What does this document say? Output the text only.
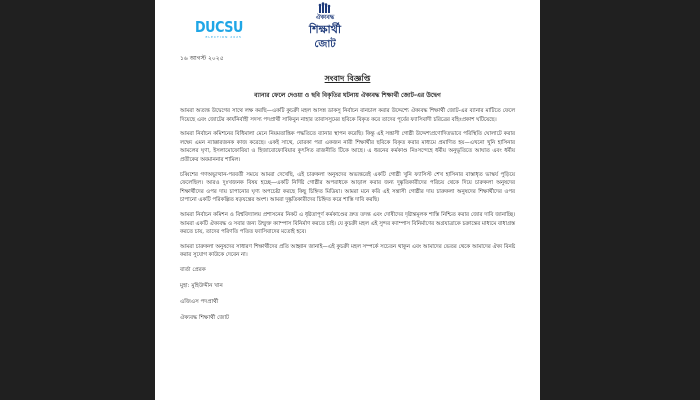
DUCSU
ELECTION 2025
ঐক্যবদ্ধ
শিক্ষার্থী
জোট
১৬ আগস্ট ২০২৫
সংবাদ বিজ্ঞপ্তি
ব্যানার ফেলে দেওয়া ও ছবি বিকৃতির ঘটনায় ঐক্যবদ্ধ শিক্ষার্থী জোট-এর উদ্বেগ

আমরা অত্যন্ত উদ্বেগের সাথে লক্ষ করছি—একটি কুচক্রী মহল আসন্ন ডাকসু নির্বাচন বানচাল করার উদ্দেশ্যে ঐক্যবদ্ধ শিক্ষার্থী জোট-এর ব্যানার মাটিতে ফেলে দিয়েছে এবং জোটের কার্যনির্বাহী সদস্য পদপ্রার্থী সাকিবুন নাহার তাবাসসুমের ছবিকে বিকৃত করে তাদের পূর্বের ফ্যাসিবাদী চরিত্রের বহিঃপ্রকাশ ঘটিয়েছে।

আমরা নির্বাচন কমিশনের বিধিমালা মেনে নিয়মতান্ত্রিক পদ্ধতিতে ব্যানার স্থাপন করেছি। কিন্তু এই সন্ত্রাসী গোষ্ঠী উদ্দেশ্যপ্রণোদিতভাবে পরিস্থিতি ঘোলাটে করার লক্ষ্যে এমন ন্যাক্কারজনক কাজ করেছে। একই সাথে, বোরকা পরা একজন নারী শিক্ষার্থীর ছবিকে বিকৃত করার মাধ্যমে প্রমাণিত হয়—এখনো খুনি হাসিনার আমলের ঘৃণা, ইসলামোফোবিয়া ও হিজাবোফোবিয়ার কুৎসিত রাজনীতি টিকে আছে। এ ধরনের কর্মকাণ্ড নিঃসন্দেহে ধর্মীয় অনুভূতিতে আঘাত এবং ধর্মীয় প্রতীকের অবমাননার শামিল।

চব্বিশের গণঅভ্যুত্থান-পরবর্তী সময়ে আমরা দেখেছি, এই চারুকলা অনুষদের অভ্যন্তরেই একটি গোষ্ঠী খুনি ফ্যাসিস্ট শেখ হাসিনার বাস্তাধৃত ভাস্কর্য পুড়িয়ে ফেলেছিল। আরও দুঃখজনক বিষয় হচ্ছে—একটি নির্দিষ্ট গোষ্ঠীর অপরাধকে আড়াল করার জন্য দুষ্কৃতিকারীদের পরিচয় থেকে দিয়ে চারুকলা অনুষদের শিক্ষার্থীদের ওপর দায় চাপানোর ঘৃণ্য অপচেষ্টা করছে কিছু চিহ্নিত মিডিয়া। আমরা মনে করি এই সন্ত্রাসী গোষ্ঠীর দায় চারুকলা অনুষদের শিক্ষার্থীদের ওপর চাপানো একটি পরিকল্পিত ষড়যন্ত্রের অংশ। আমরা দুষ্কৃতিকারীদের চিহ্নিত করে শাস্তি দাবি করছি।

আমরা নির্বাচন কমিশন ও বিশ্ববিদ্যালয় প্রশাসনের নিকট এ ধৃষ্টতাপূর্ণ কর্মকাণ্ডের দ্রুত তদন্ত এবং দোষীদের দৃষ্টান্তমূলক শাস্তি নিশ্চিত করার জোর দাবি জানাচ্ছি। আমরা একটি ঐক্যবদ্ধ ও সবার জন্য উন্মুক্ত ক্যাম্পাস বিনির্মাণ করতে চাই। যে কুচক্রী মহল এই সুন্দর ক্যাম্পাস বিনির্মাণের অগ্রযাত্রাকে চক্রান্তের মাধ্যমে বাধাগ্রস্ত করতে চায়, তাদের পরিণতি পতিত ফ্যাসিবাদের মতোই হবে।

আমরা চারুকলা অনুষদের সাধারণ শিক্ষার্থীদের প্রতি আহ্বান জানাই—এই কুচক্রী মহল সম্পর্কে সচেতন থাকুন এবং আমাদের ভেতর থেকে আমাদের ঐক্য বিনষ্ট করার সুযোগ কাউকে দেবেন না।

বার্তা প্রেরক

মুহা: মুহিউদ্দীন খান

এজিএস পদপ্রার্থী

ঐক্যবদ্ধ শিক্ষার্থী জোট
